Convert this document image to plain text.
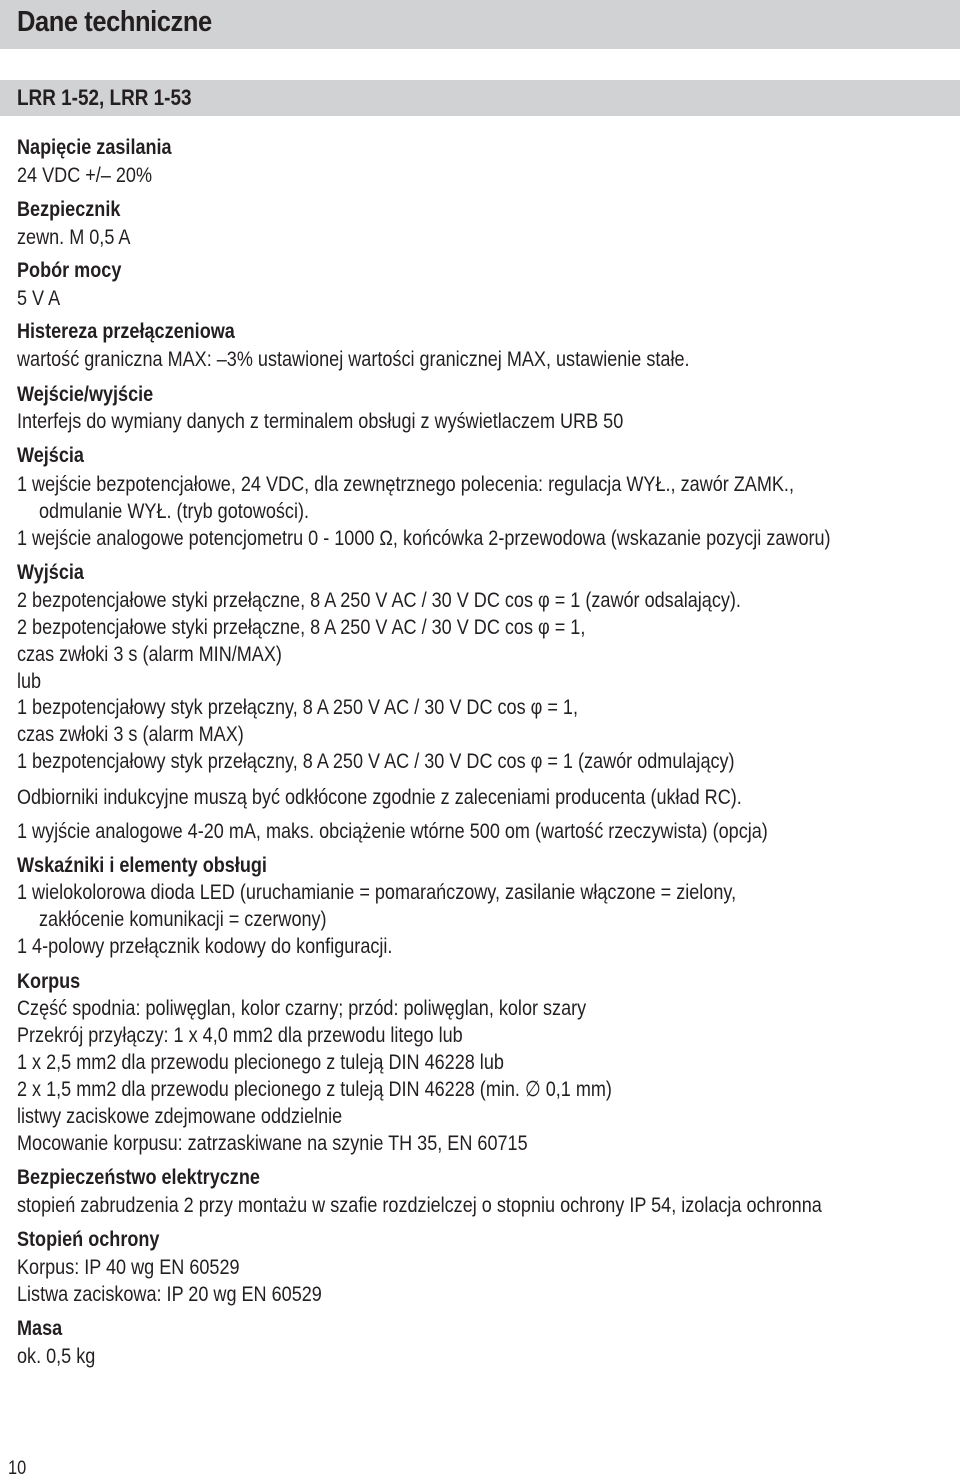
Dane techniczne
LRR 1-52, LRR 1-53
Napięcie zasilania
24 VDC +/– 20%
Bezpiecznik
zewn. M 0,5 A
Pobór mocy
5 V A
Histereza przełączeniowa
wartość graniczna MAX: –3% ustawionej wartości granicznej MAX, ustawienie stałe.
Wejście/wyjście
Interfejs do wymiany danych z terminalem obsługi z wyświetlaczem URB 50
Wejścia
1 wejście bezpotencjałowe, 24 VDC, dla zewnętrznego polecenia: regulacja WYŁ., zawór ZAMK.,
odmulanie WYŁ. (tryb gotowości).
1 wejście analogowe potencjometru 0 - 1000 Ω, końcówka 2-przewodowa (wskazanie pozycji zaworu)
Wyjścia
2 bezpotencjałowe styki przełączne, 8 A 250 V AC / 30 V DC cos φ = 1 (zawór odsalający).
2 bezpotencjałowe styki przełączne, 8 A 250 V AC / 30 V DC cos φ = 1,
czas zwłoki 3 s (alarm MIN/MAX)
lub
1 bezpotencjałowy styk przełączny, 8 A 250 V AC / 30 V DC cos φ = 1,
czas zwłoki 3 s (alarm MAX)
1 bezpotencjałowy styk przełączny, 8 A 250 V AC / 30 V DC cos φ = 1 (zawór odmulający)
Odbiorniki indukcyjne muszą być odkłócone zgodnie z zaleceniami producenta (układ RC).
1 wyjście analogowe 4-20 mA, maks. obciążenie wtórne 500 om (wartość rzeczywista) (opcja)
Wskaźniki i elementy obsługi
1 wielokolorowa dioda LED (uruchamianie = pomarańczowy, zasilanie włączone = zielony,
zakłócenie komunikacji = czerwony)
1 4-polowy przełącznik kodowy do konfiguracji.
Korpus
Część spodnia: poliwęglan, kolor czarny; przód: poliwęglan, kolor szary
Przekrój przyłączy: 1 x 4,0 mm2 dla przewodu litego lub
1 x 2,5 mm2 dla przewodu plecionego z tuleją DIN 46228 lub
2 x 1,5 mm2 dla przewodu plecionego z tuleją DIN 46228 (min. ∅ 0,1 mm)
listwy zaciskowe zdejmowane oddzielnie
Mocowanie korpusu: zatrzaskiwane na szynie TH 35, EN 60715
Bezpieczeństwo elektryczne
stopień zabrudzenia 2 przy montażu w szafie rozdzielczej o stopniu ochrony IP 54, izolacja ochronna
Stopień ochrony
Korpus: IP 40 wg EN 60529
Listwa zaciskowa: IP 20 wg EN 60529
Masa
ok. 0,5 kg
10
